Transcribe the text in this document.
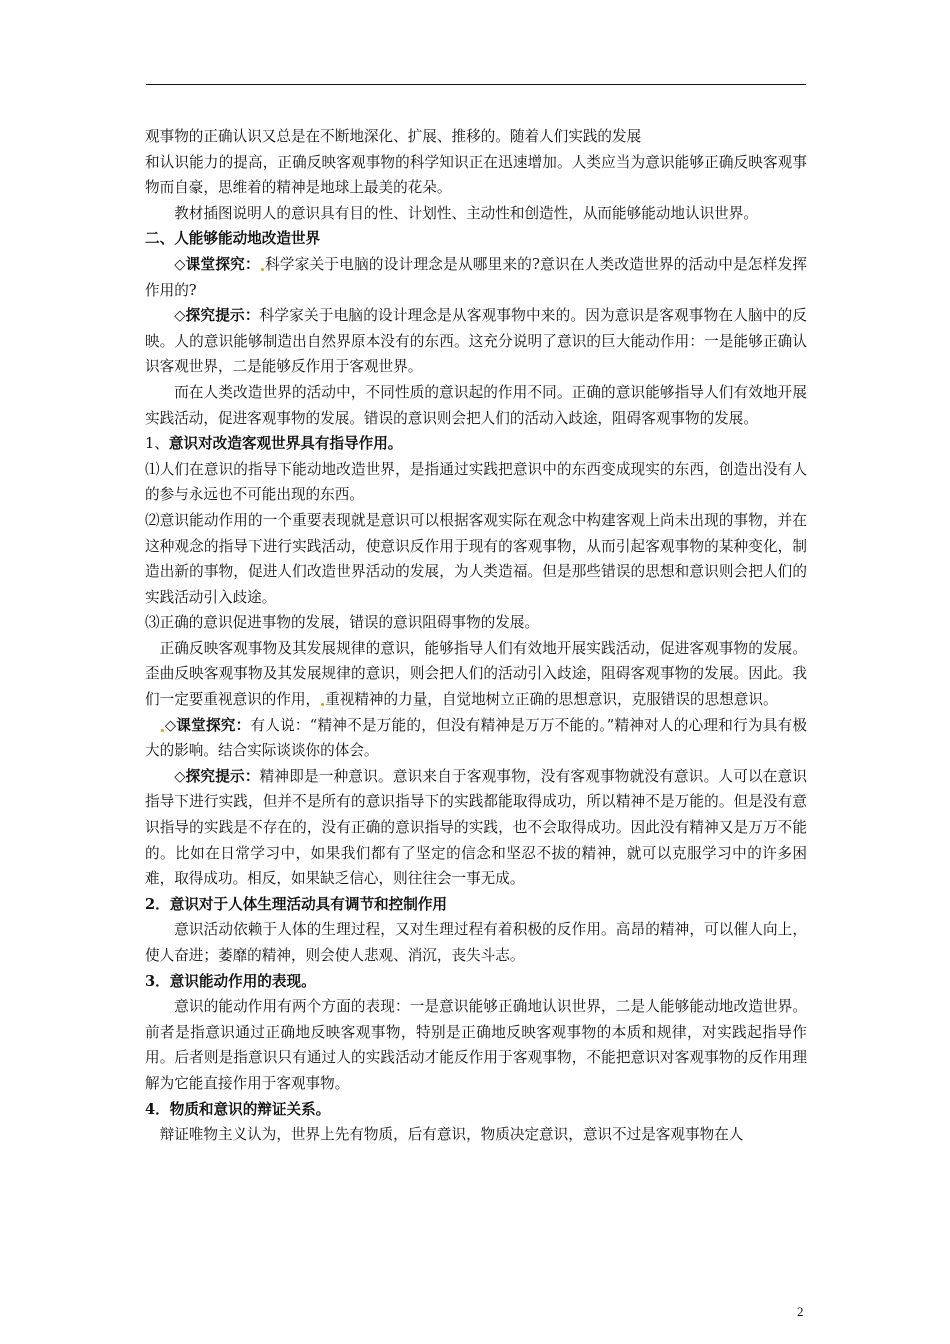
观事物的正确认识又总是在不断地深化、扩展、推移的。随着人们实践的发展

和认识能力的提高，正确反映客观事物的科学知识正在迅速增加。人类应当为意识能够正确反映客观事物而自豪，思维着的精神是地球上最美的花朵。

教材插图说明人的意识具有目的性、计划性、主动性和创造性，从而能够能动地认识世界。

二、人能够能动地改造世界

◇课堂探究： 科学家关于电脑的设计理念是从哪里来的?意识在人类改造世界的活动中是怎样发挥作用的?

◇探究提示：科学家关于电脑的设计理念是从客观事物中来的。因为意识是客观事物在人脑中的反映。人的意识能够制造出自然界原本没有的东西。这充分说明了意识的巨大能动作用：一是能够正确认识客观世界，二是能够反作用于客观世界。

而在人类改造世界的活动中，不同性质的意识起的作用不同。正确的意识能够指导人们有效地开展实践活动，促进客观事物的发展。错误的意识则会把人们的活动入歧途，阻碍客观事物的发展。

1、意识对改造客观世界具有指导作用。

⑴人们在意识的指导下能动地改造世界，是指通过实践把意识中的东西变成现实的东西，创造出没有人的参与永远也不可能出现的东西。

⑵意识能动作用的一个重要表现就是意识可以根据客观实际在观念中构建客观上尚未出现的事物，并在这种观念的指导下进行实践活动，使意识反作用于现有的客观事物，从而引起客观事物的某种变化，制造出新的事物，促进人们改造世界活动的发展，为人类造福。但是那些错误的思想和意识则会把人们的实践活动引入歧途。

⑶正确的意识促进事物的发展，错误的意识阻碍事物的发展。

正确反映客观事物及其发展规律的意识，能够指导人们有效地开展实践活动，促进客观事物的发展。歪曲反映客观事物及其发展规律的意识，则会把人们的活动引入歧途，阻碍客观事物的发展。因此。我们一定要重视意识的作用， 重视精神的力量，自觉地树立正确的思想意识，克服错误的思想意识。

◇课堂探究：有人说：“精神不是万能的，但没有精神是万万不能的。”精神对人的心理和行为具有极大的影响。结合实际谈谈你的体会。

◇探究提示：精神即是一种意识。意识来自于客观事物，没有客观事物就没有意识。人可以在意识指导下进行实践，但并不是所有的意识指导下的实践都能取得成功，所以精神不是万能的。但是没有意识指导的实践是不存在的，没有正确的意识指导的实践，也不会取得成功。因此没有精神又是万万不能的。比如在日常学习中，如果我们都有了坚定的信念和坚忍不拔的精神，就可以克服学习中的许多困难，取得成功。相反，如果缺乏信心，则往往会一事无成。

2．意识对于人体生理活动具有调节和控制作用

意识活动依赖于人体的生理过程，又对生理过程有着积极的反作用。高昂的精神，可以催人向上，使人奋进；萎靡的精神，则会使人悲观、消沉，丧失斗志。

3．意识能动作用的表现。

意识的能动作用有两个方面的表现：一是意识能够正确地认识世界，二是人能够能动地改造世界。前者是指意识通过正确地反映客观事物，特别是正确地反映客观事物的本质和规律，对实践起指导作用。后者则是指意识只有通过人的实践活动才能反作用于客观事物，不能把意识对客观事物的反作用理解为它能直接作用于客观事物。

4．物质和意识的辩证关系。

辩证唯物主义认为，世界上先有物质，后有意识，物质决定意识，意识不过是客观事物在人

2
